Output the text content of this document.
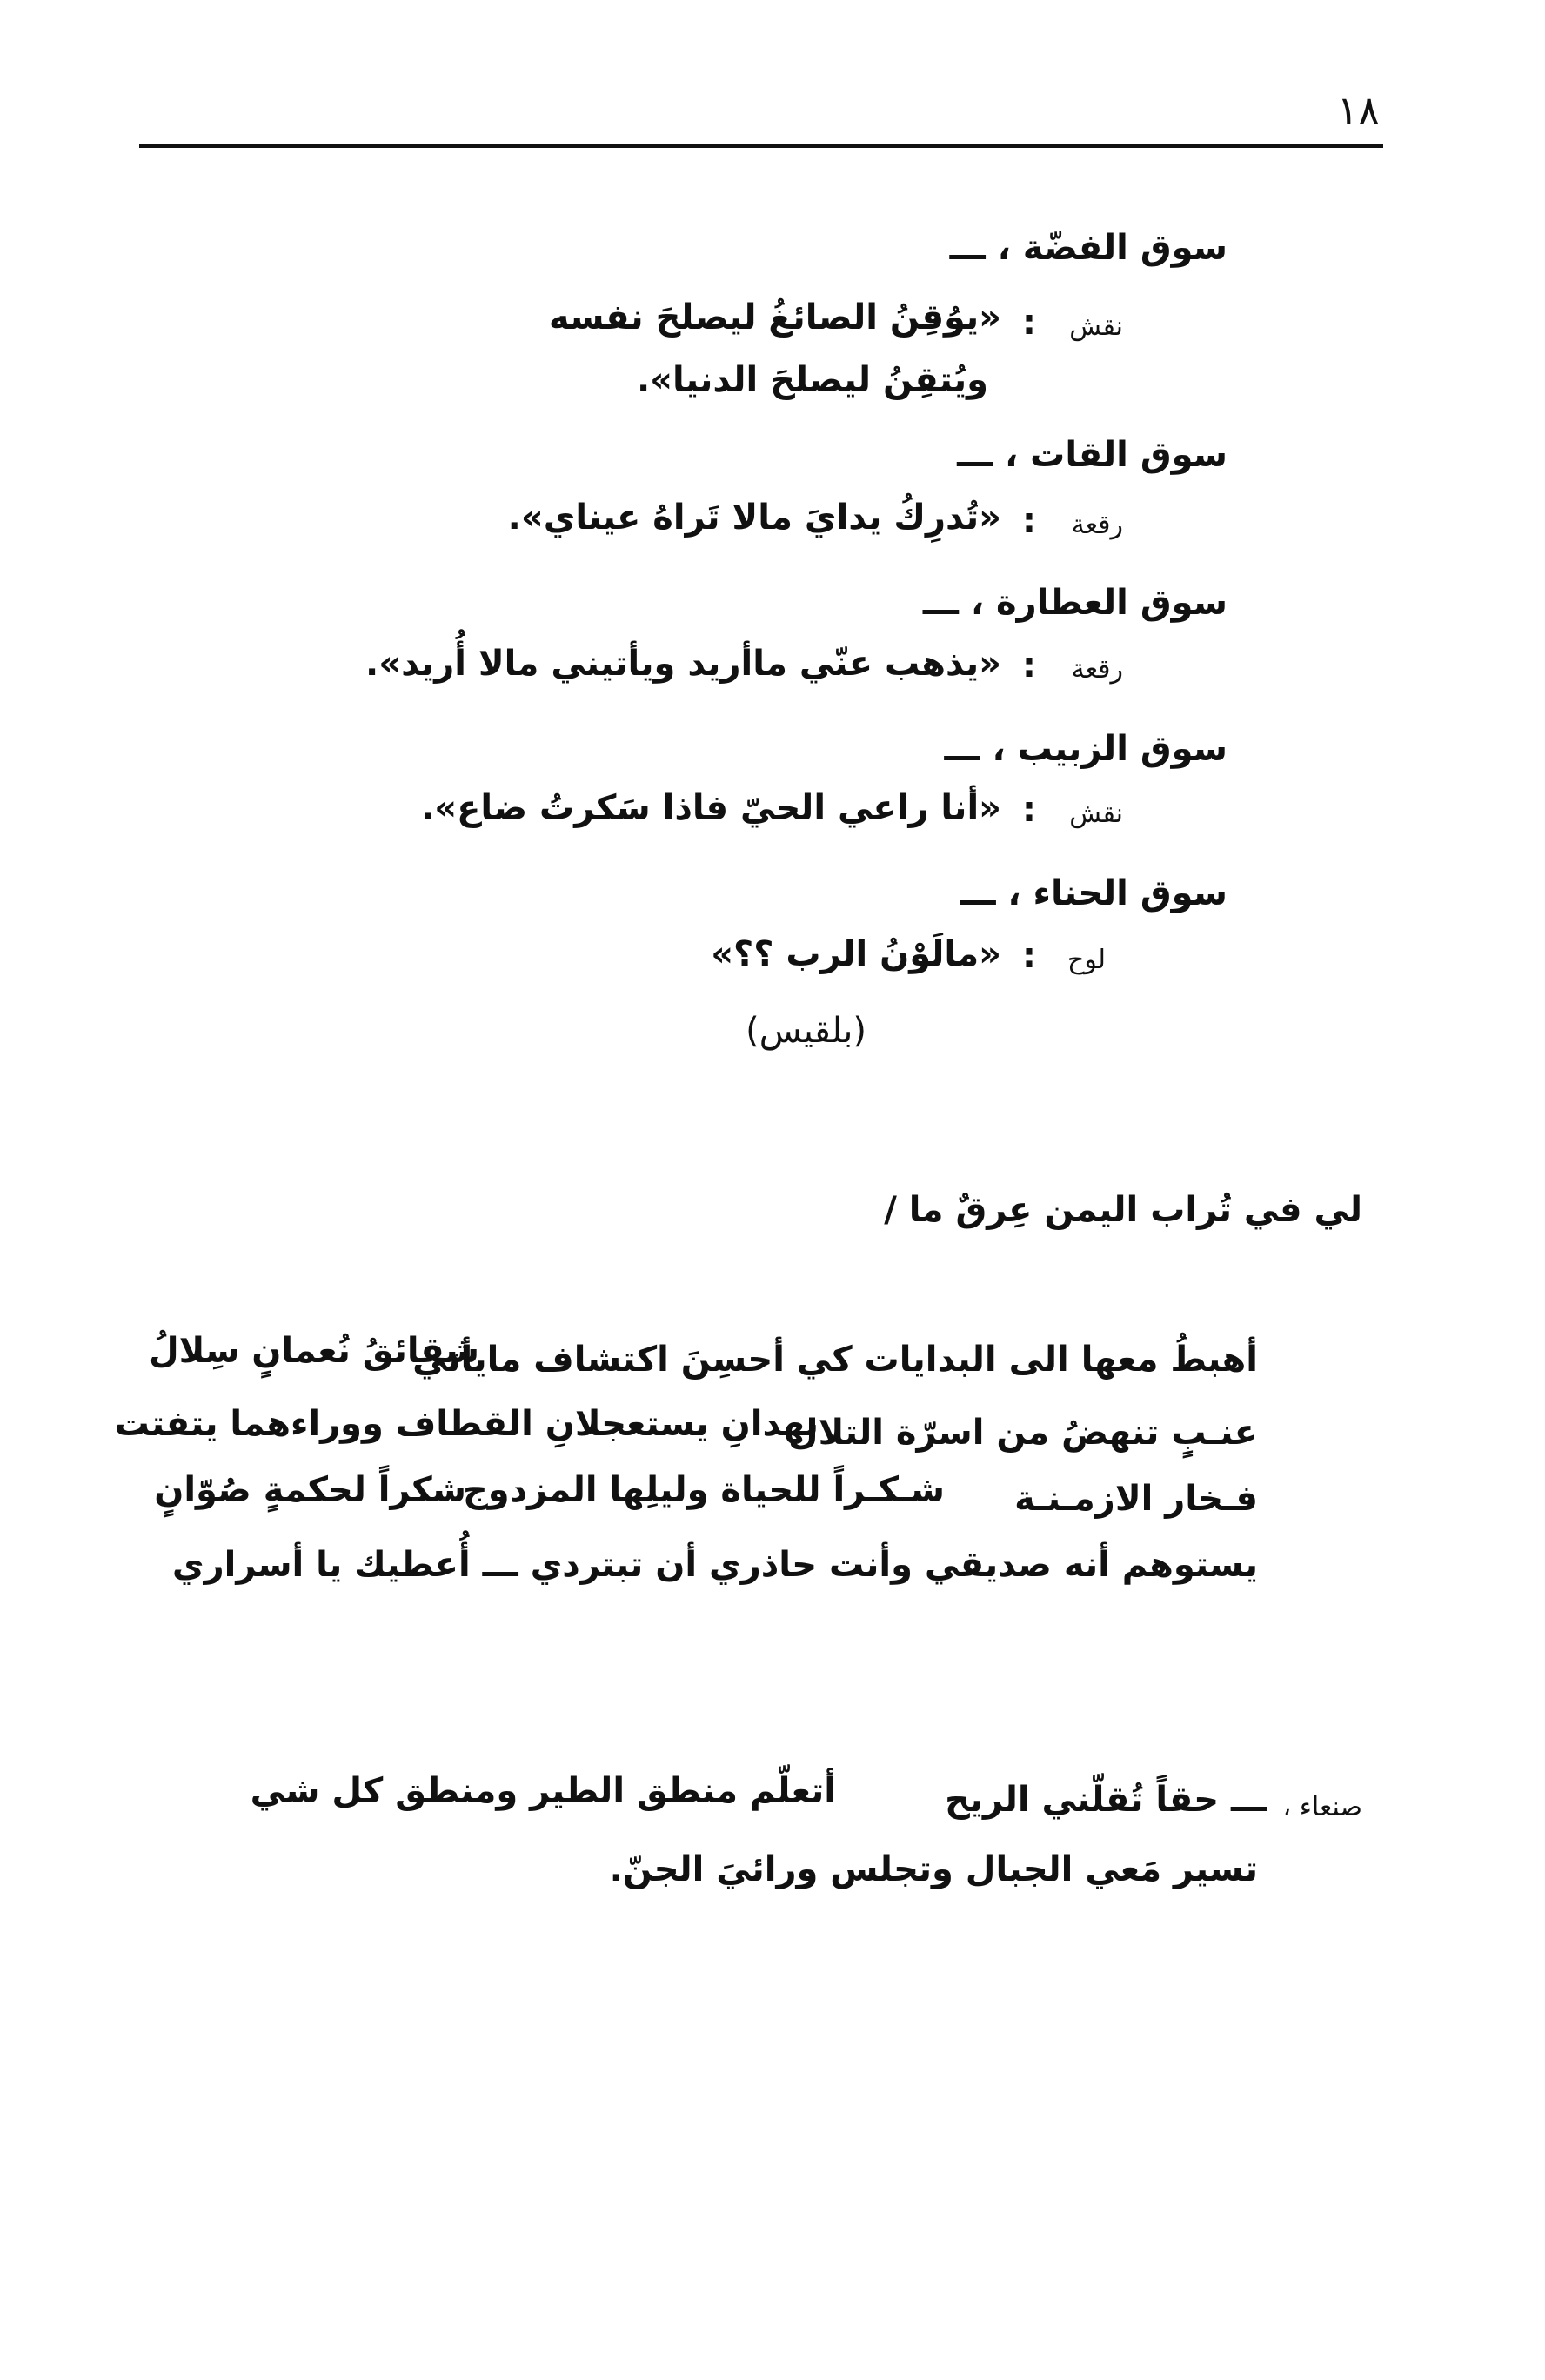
١٨
سوق الفضّة ، ـــ
نقش
:
«يوُقِنُ الصائغُ ليصلحَ نفسه
ويُتقِنُ ليصلحَ الدنيا».
سوق القات ، ـــ
رقعة
:
«تُدرِكُ يدايَ مالا تَراهُ عيناي».
سوق العطارة ، ـــ
رقعة
:
«يذهب عنّي ماأريد ويأتيني مالا أُريد».
سوق الزبيب ، ـــ
نقش
:
«أنا راعي الحيّ فاذا سَكرتُ ضاع».
سوق الحناء ، ـــ
لوح
:
«مالَوْنُ الرب ؟؟»
(بلقيس)
لي في تُراب اليمن عِرقٌ ما /
أهبطُ معها الى البدايات كي أحسِنَ اكتشاف مايأتي
شقائقُ نُعمانٍ سِلالُ
عنـبٍ تنهضُ من اسرّة التلال
نهدانِ يستعجلانِ القطاف ووراءهما يتفتت
فـخار الازمـنـة
شـكـراً للحياة وليلِها المزدوج
شكراً لحكمةٍ صُوّانٍ
يستوهم أنه صديقي وأنت حاذري أن تبتردي ـــ أُعطيك يا أسراري
صنعاء ،
ـــ حقاً تُقلّني الريح
أتعلّم منطق الطير ومنطق كل شي
تسير مَعي الجبال وتجلس ورائيَ الجنّ.
